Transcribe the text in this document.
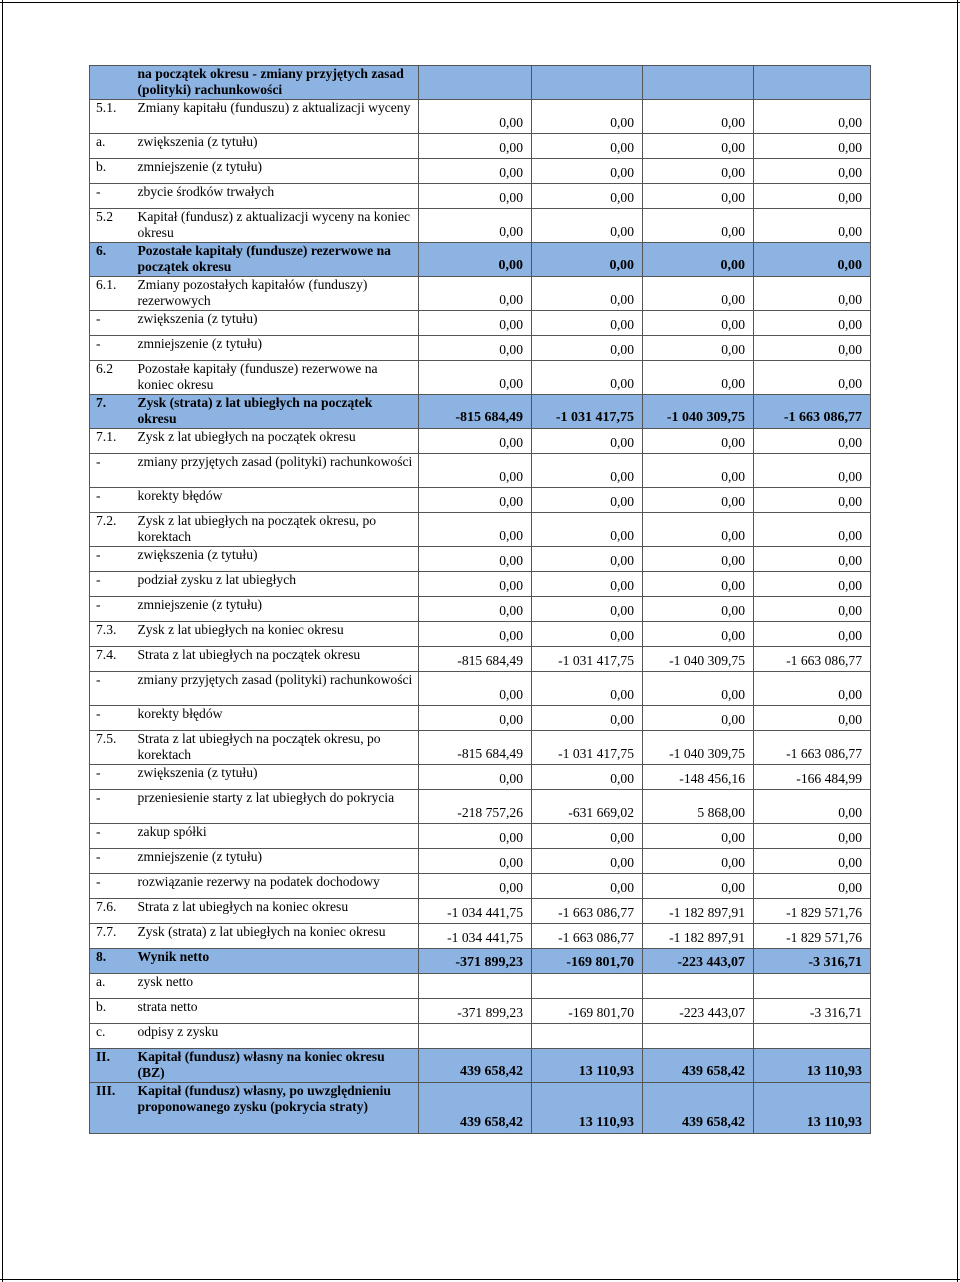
	na początek okresu - zmiany przyjętych zasad (polityki) rachunkowości				
5.1.	Zmiany kapitału (funduszu) z aktualizacji wyceny	0,00	0,00	0,00	0,00
a.	zwiększenia (z tytułu)	0,00	0,00	0,00	0,00
b.	zmniejszenie (z tytułu)	0,00	0,00	0,00	0,00
-	zbycie środków trwałych	0,00	0,00	0,00	0,00
5.2	Kapitał (fundusz) z aktualizacji wyceny na koniec okresu	0,00	0,00	0,00	0,00
6.	Pozostałe kapitały (fundusze) rezerwowe na początek okresu	0,00	0,00	0,00	0,00
6.1.	Zmiany pozostałych kapitałów (funduszy) rezerwowych	0,00	0,00	0,00	0,00
-	zwiększenia (z tytułu)	0,00	0,00	0,00	0,00
-	zmniejszenie (z tytułu)	0,00	0,00	0,00	0,00
6.2	Pozostałe kapitały (fundusze) rezerwowe na koniec okresu	0,00	0,00	0,00	0,00
7.	Zysk (strata) z lat ubiegłych na początek okresu	-815 684,49	-1 031 417,75	-1 040 309,75	-1 663 086,77
7.1.	Zysk z lat ubiegłych na początek okresu	0,00	0,00	0,00	0,00
-	zmiany przyjętych zasad (polityki) rachunkowości	0,00	0,00	0,00	0,00
-	korekty błędów	0,00	0,00	0,00	0,00
7.2.	Zysk z lat ubiegłych na początek okresu, po korektach	0,00	0,00	0,00	0,00
-	zwiększenia (z tytułu)	0,00	0,00	0,00	0,00
-	podział zysku z lat ubiegłych	0,00	0,00	0,00	0,00
-	zmniejszenie (z tytułu)	0,00	0,00	0,00	0,00
7.3.	Zysk z lat ubiegłych na koniec okresu	0,00	0,00	0,00	0,00
7.4.	Strata z lat ubiegłych na początek okresu	-815 684,49	-1 031 417,75	-1 040 309,75	-1 663 086,77
-	zmiany przyjętych zasad (polityki) rachunkowości	0,00	0,00	0,00	0,00
-	korekty błędów	0,00	0,00	0,00	0,00
7.5.	Strata z lat ubiegłych na początek okresu, po korektach	-815 684,49	-1 031 417,75	-1 040 309,75	-1 663 086,77
-	zwiększenia (z tytułu)	0,00	0,00	-148 456,16	-166 484,99
-	przeniesienie starty z lat ubiegłych do pokrycia	-218 757,26	-631 669,02	5 868,00	0,00
-	zakup spółki	0,00	0,00	0,00	0,00
-	zmniejszenie (z tytułu)	0,00	0,00	0,00	0,00
-	rozwiązanie rezerwy na podatek dochodowy	0,00	0,00	0,00	0,00
7.6.	Strata z lat ubiegłych na koniec okresu	-1 034 441,75	-1 663 086,77	-1 182 897,91	-1 829 571,76
7.7.	Zysk (strata) z lat ubiegłych na koniec okresu	-1 034 441,75	-1 663 086,77	-1 182 897,91	-1 829 571,76
8.	Wynik netto	-371 899,23	-169 801,70	-223 443,07	-3 316,71
a.	zysk netto				
b.	strata netto	-371 899,23	-169 801,70	-223 443,07	-3 316,71
c.	odpisy z zysku				
II.	Kapitał (fundusz) własny na koniec okresu (BZ)	439 658,42	13 110,93	439 658,42	13 110,93
III.	Kapitał (fundusz) własny, po uwzględnieniu proponowanego zysku (pokrycia straty)	439 658,42	13 110,93	439 658,42	13 110,93
